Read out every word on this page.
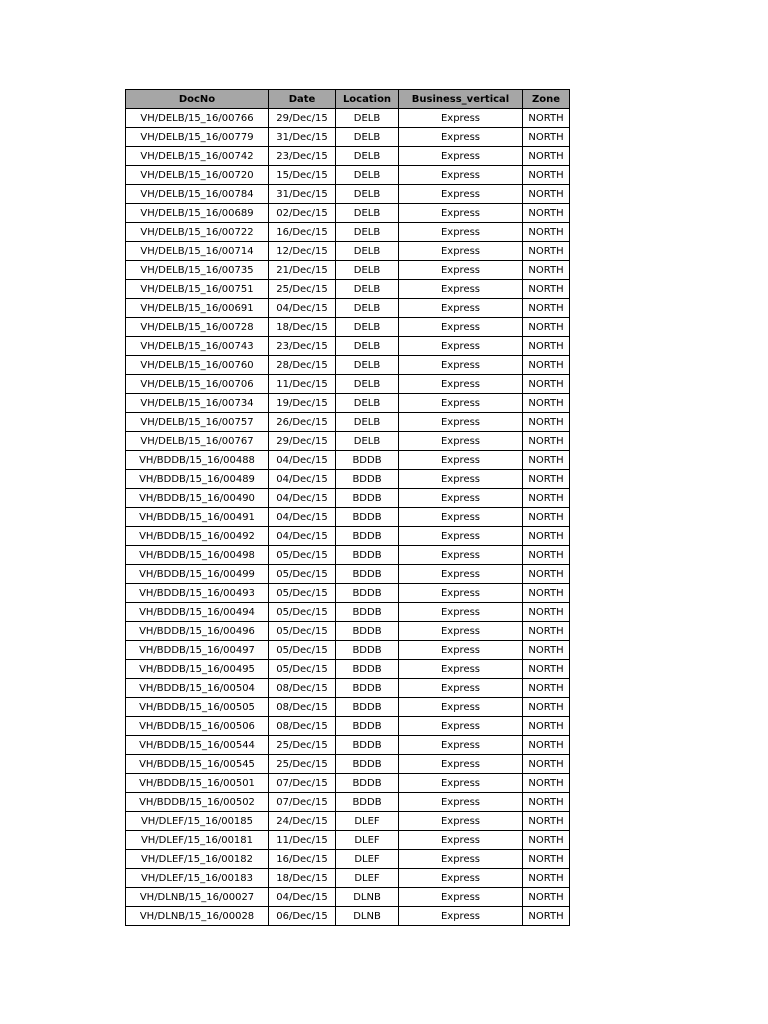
DocNo	Date	Location	Business_vertical	Zone
VH/DELB/15_16/00766	29/Dec/15	DELB	Express	NORTH
VH/DELB/15_16/00779	31/Dec/15	DELB	Express	NORTH
VH/DELB/15_16/00742	23/Dec/15	DELB	Express	NORTH
VH/DELB/15_16/00720	15/Dec/15	DELB	Express	NORTH
VH/DELB/15_16/00784	31/Dec/15	DELB	Express	NORTH
VH/DELB/15_16/00689	02/Dec/15	DELB	Express	NORTH
VH/DELB/15_16/00722	16/Dec/15	DELB	Express	NORTH
VH/DELB/15_16/00714	12/Dec/15	DELB	Express	NORTH
VH/DELB/15_16/00735	21/Dec/15	DELB	Express	NORTH
VH/DELB/15_16/00751	25/Dec/15	DELB	Express	NORTH
VH/DELB/15_16/00691	04/Dec/15	DELB	Express	NORTH
VH/DELB/15_16/00728	18/Dec/15	DELB	Express	NORTH
VH/DELB/15_16/00743	23/Dec/15	DELB	Express	NORTH
VH/DELB/15_16/00760	28/Dec/15	DELB	Express	NORTH
VH/DELB/15_16/00706	11/Dec/15	DELB	Express	NORTH
VH/DELB/15_16/00734	19/Dec/15	DELB	Express	NORTH
VH/DELB/15_16/00757	26/Dec/15	DELB	Express	NORTH
VH/DELB/15_16/00767	29/Dec/15	DELB	Express	NORTH
VH/BDDB/15_16/00488	04/Dec/15	BDDB	Express	NORTH
VH/BDDB/15_16/00489	04/Dec/15	BDDB	Express	NORTH
VH/BDDB/15_16/00490	04/Dec/15	BDDB	Express	NORTH
VH/BDDB/15_16/00491	04/Dec/15	BDDB	Express	NORTH
VH/BDDB/15_16/00492	04/Dec/15	BDDB	Express	NORTH
VH/BDDB/15_16/00498	05/Dec/15	BDDB	Express	NORTH
VH/BDDB/15_16/00499	05/Dec/15	BDDB	Express	NORTH
VH/BDDB/15_16/00493	05/Dec/15	BDDB	Express	NORTH
VH/BDDB/15_16/00494	05/Dec/15	BDDB	Express	NORTH
VH/BDDB/15_16/00496	05/Dec/15	BDDB	Express	NORTH
VH/BDDB/15_16/00497	05/Dec/15	BDDB	Express	NORTH
VH/BDDB/15_16/00495	05/Dec/15	BDDB	Express	NORTH
VH/BDDB/15_16/00504	08/Dec/15	BDDB	Express	NORTH
VH/BDDB/15_16/00505	08/Dec/15	BDDB	Express	NORTH
VH/BDDB/15_16/00506	08/Dec/15	BDDB	Express	NORTH
VH/BDDB/15_16/00544	25/Dec/15	BDDB	Express	NORTH
VH/BDDB/15_16/00545	25/Dec/15	BDDB	Express	NORTH
VH/BDDB/15_16/00501	07/Dec/15	BDDB	Express	NORTH
VH/BDDB/15_16/00502	07/Dec/15	BDDB	Express	NORTH
VH/DLEF/15_16/00185	24/Dec/15	DLEF	Express	NORTH
VH/DLEF/15_16/00181	11/Dec/15	DLEF	Express	NORTH
VH/DLEF/15_16/00182	16/Dec/15	DLEF	Express	NORTH
VH/DLEF/15_16/00183	18/Dec/15	DLEF	Express	NORTH
VH/DLNB/15_16/00027	04/Dec/15	DLNB	Express	NORTH
VH/DLNB/15_16/00028	06/Dec/15	DLNB	Express	NORTH
